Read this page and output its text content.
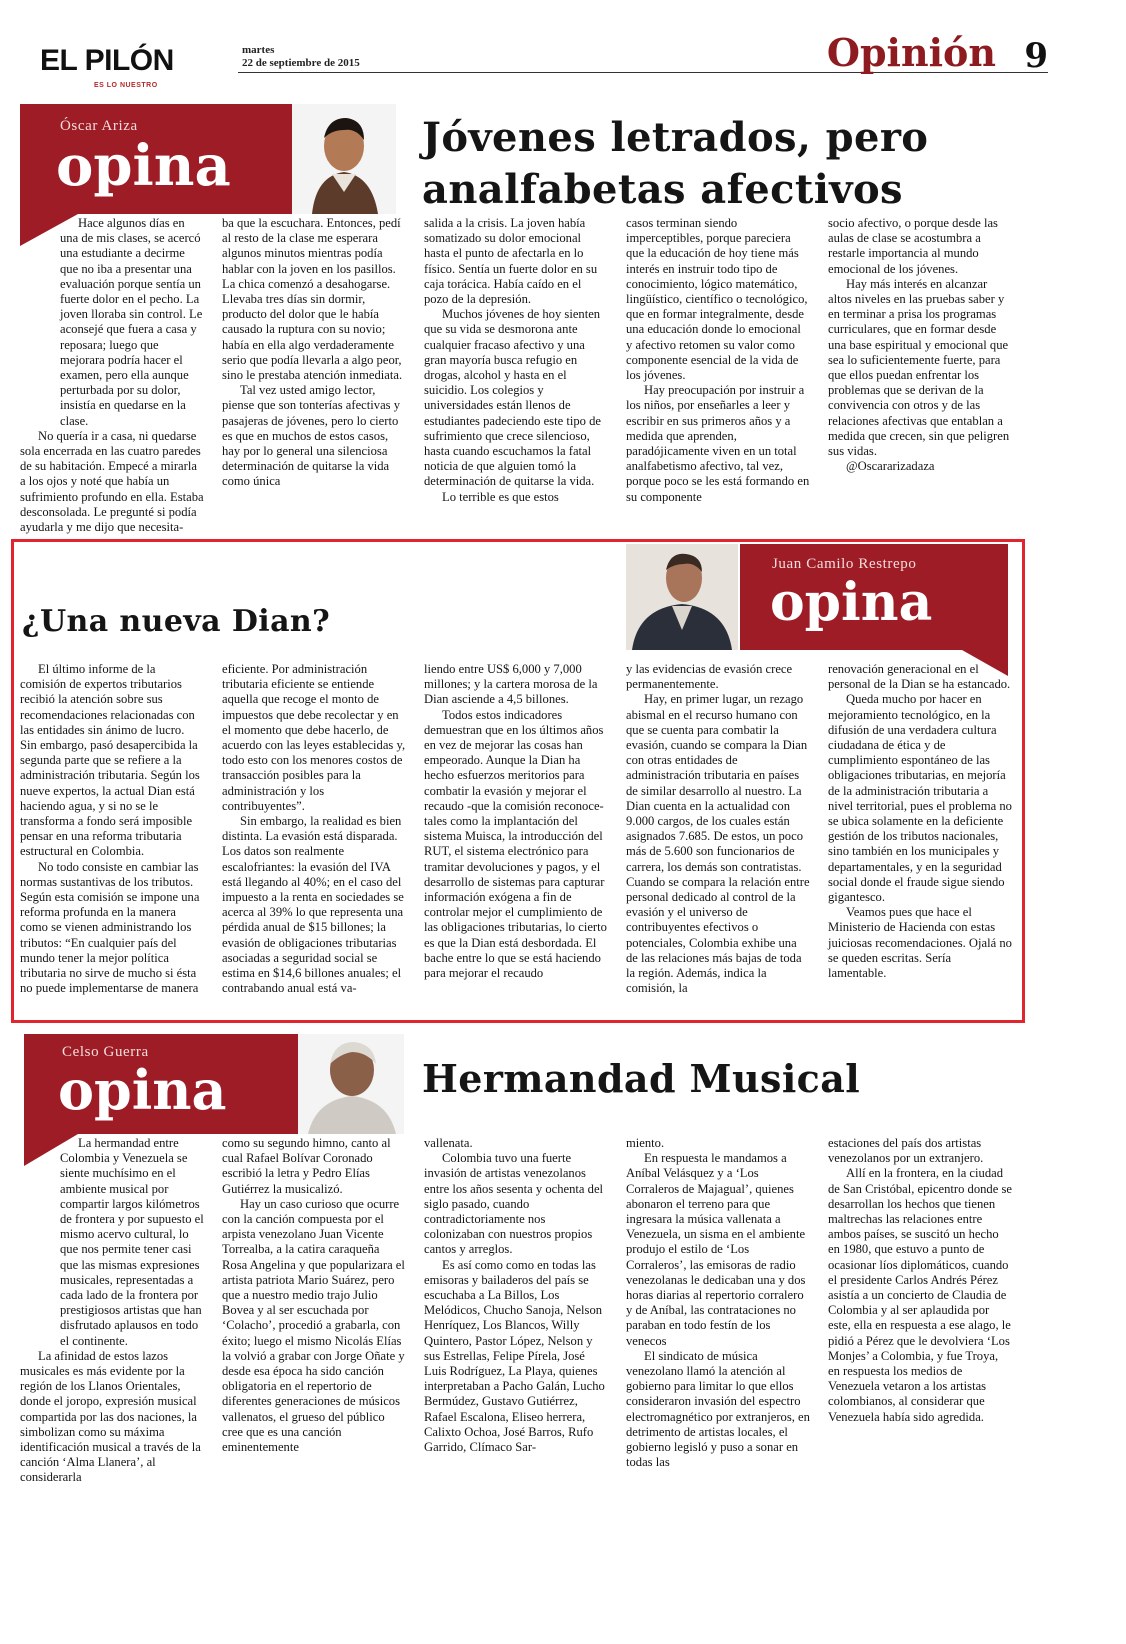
EL PILÓN
ES LO NUESTRO
martes
22 de septiembre de 2015	Opinión 9
Óscar Ariza
opina	Jóvenes letrados, pero
analfabetas afectivos

Hace algunos días en una de mis clases, se acercó una estudiante a decirme que no iba a presentar una evaluación porque sentía un fuerte dolor en el pecho. La joven lloraba sin control. Le aconsejé que fuera a casa y reposara; luego que mejorara podría hacer el examen, pero ella aunque perturbada por su dolor, insistía en quedarse en la clase.

No quería ir a casa, ni quedarse sola encerrada en las cuatro paredes de su habitación. Empecé a mirarla a los ojos y noté que había un sufrimiento profundo en ella. Estaba desconsolada. Le pregunté si podía ayudarla y me dijo que necesita-

ba que la escuchara. Entonces, pedí al resto de la clase me esperara algunos minutos mientras podía hablar con la joven en los pasillos. La chica comenzó a desahogarse. Llevaba tres días sin dormir, producto del dolor que le había causado la ruptura con su novio; había en ella algo verdaderamente serio que podía llevarla a algo peor, sino le prestaba atención inmediata.

Tal vez usted amigo lector, piense que son tonterías afectivas y pasajeras de jóvenes, pero lo cierto es que en muchos de estos casos, hay por lo general una silenciosa determinación de quitarse la vida como única

salida a la crisis. La joven había somatizado su dolor emocional hasta el punto de afectarla en lo físico. Sentía un fuerte dolor en su caja torácica. Había caído en el pozo de la depresión.

Muchos jóvenes de hoy sienten que su vida se desmorona ante cualquier fracaso afectivo y una gran mayoría busca refugio en drogas, alcohol y hasta en el suicidio. Los colegios y universidades están llenos de estudiantes padeciendo este tipo de sufrimiento que crece silencioso, hasta cuando escuchamos la fatal noticia de que alguien tomó la determinación de quitarse la vida.

Lo terrible es que estos

casos terminan siendo imperceptibles, porque pareciera que la educación de hoy tiene más interés en instruir todo tipo de conocimiento, lógico matemático, lingüístico, científico o tecnológico, que en formar integralmente, desde una educación donde lo emocional y afectivo retomen su valor como componente esencial de la vida de los jóvenes.

Hay preocupación por instruir a los niños, por enseñarles a leer y escribir en sus primeros años y a medida que aprenden, paradójicamente viven en un total analfabetismo afectivo, tal vez, porque poco se les está formando en su componente

socio afectivo, o porque desde las aulas de clase se acostumbra a restarle importancia al mundo emocional de los jóvenes.

Hay más interés en alcanzar altos niveles en las pruebas saber y en terminar a prisa los programas curriculares, que en formar desde una base espiritual y emocional que sea lo suficientemente fuerte, para que ellos puedan enfrentar los problemas que se derivan de la convivencia con otros y de las relaciones afectivas que entablan a medida que crecen, sin que peligren sus vidas.

@Oscararizadaza

¿Una nueva Dian?
Juan Camilo Restrepo
opina

El último informe de la comisión de expertos tributarios recibió la atención sobre sus recomendaciones relacionadas con las entidades sin ánimo de lucro. Sin embargo, pasó desapercibida la segunda parte que se refiere a la administración tributaria. Según los nueve expertos, la actual Dian está haciendo agua, y si no se le transforma a fondo será imposible pensar en una reforma tributaria estructural en Colombia.

No todo consiste en cambiar las normas sustantivas de los tributos. Según esta comisión se impone una reforma profunda en la manera como se vienen administrando los tributos: “En cualquier país del mundo tener la mejor política tributaria no sirve de mucho si ésta no puede implementarse de manera

eficiente. Por administración tributaria eficiente se entiende aquella que recoge el monto de impuestos que debe recolectar y en el momento que debe hacerlo, de acuerdo con las leyes establecidas y, todo esto con los menores costos de transacción posibles para la administración y los contribuyentes”.

Sin embargo, la realidad es bien distinta. La evasión está disparada. Los datos son realmente escalofriantes: la evasión del IVA está llegando al 40%; en el caso del impuesto a la renta en sociedades se acerca al 39% lo que representa una pérdida anual de $15 billones; la evasión de obligaciones tributarias asociadas a seguridad social se estima en $14,6 billones anuales; el contrabando anual está va-

liendo entre US$ 6,000 y 7,000 millones; y la cartera morosa de la Dian asciende a 4,5 billones.

Todos estos indicadores demuestran que en los últimos años en vez de mejorar las cosas han empeorado. Aunque la Dian ha hecho esfuerzos meritorios para combatir la evasión y mejorar el recaudo -que la comisión reconoce- tales como la implantación del sistema Muisca, la introducción del RUT, el sistema electrónico para tramitar devoluciones y pagos, y el desarrollo de sistemas para capturar información exógena a fin de controlar mejor el cumplimiento de las obligaciones tributarias, lo cierto es que la Dian está desbordada. El bache entre lo que se está haciendo para mejorar el recaudo

y las evidencias de evasión crece permanentemente.

Hay, en primer lugar, un rezago abismal en el recurso humano con que se cuenta para combatir la evasión, cuando se compara la Dian con otras entidades de administración tributaria en países de similar desarrollo al nuestro. La Dian cuenta en la actualidad con 9.000 cargos, de los cuales están asignados 7.685. De estos, un poco más de 5.600 son funcionarios de carrera, los demás son contratistas. Cuando se compara la relación entre personal dedicado al control de la evasión y el universo de contribuyentes efectivos o potenciales, Colombia exhibe una de las relaciones más bajas de toda la región. Además, indica la comisión, la

renovación generacional en el personal de la Dian se ha estancado.

Queda mucho por hacer en mejoramiento tecnológico, en la difusión de una verdadera cultura ciudadana de ética y de cumplimiento espontáneo de las obligaciones tributarias, en mejoría de la administración tributaria a nivel territorial, pues el problema no se ubica solamente en la deficiente gestión de los tributos nacionales, sino también en los municipales y departamentales, y en la seguridad social donde el fraude sigue siendo gigantesco.

Veamos pues que hace el Ministerio de Hacienda con estas juiciosas recomendaciones. Ojalá no se queden escritas. Sería lamentable.

Celso Guerra
opina	Hermandad Musical

La hermandad entre Colombia y Venezuela se siente muchísimo en el ambiente musical por compartir largos kilómetros de frontera y por supuesto el mismo acervo cultural, lo que nos permite tener casi que las mismas expresiones musicales, representadas a cada lado de la frontera por prestigiosos artistas que han disfrutado aplausos en todo el continente.

La afinidad de estos lazos musicales es más evidente por la región de los Llanos Orientales, donde el joropo, expresión musical compartida por las dos naciones, la simbolizan como su máxima identificación musical a través de la canción ‘Alma Llanera’, al considerarla

como su segundo himno, canto al cual Rafael Bolívar Coronado escribió la letra y Pedro Elías Gutiérrez la musicalizó.

Hay un caso curioso que ocurre con la canción compuesta por el arpista venezolano Juan Vicente Torrealba, a la catira caraqueña Rosa Angelina y que popularizara el artista patriota Mario Suárez, pero que a nuestro medio trajo Julio Bovea y al ser escuchada por ‘Colacho’, procedió a grabarla, con éxito; luego el mismo Nicolás Elías la volvió a grabar con Jorge Oñate y desde esa época ha sido canción obligatoria en el repertorio de diferentes generaciones de músicos vallenatos, el grueso del público cree que es una canción eminentemente

vallenata.

Colombia tuvo una fuerte invasión de artistas venezolanos entre los años sesenta y ochenta del siglo pasado, cuando contradictoriamente nos colonizaban con nuestros propios cantos y arreglos.

Es así como como en todas las emisoras y bailaderos del país se escuchaba a La Billos, Los Melódicos, Chucho Sanoja, Nelson Henríquez, Los Blancos, Willy Quintero, Pastor López, Nelson y sus Estrellas, Felipe Pírela, José Luis Rodríguez, La Playa, quienes interpretaban a Pacho Galán, Lucho Bermúdez, Gustavo Gutiérrez, Rafael Escalona, Eliseo herrera, Calixto Ochoa, José Barros, Rufo Garrido, Clímaco Sar-

miento.

En respuesta le mandamos a Aníbal Velásquez y a ‘Los Corraleros de Majagual’, quienes abonaron el terreno para que ingresara la música vallenata a Venezuela, un sisma en el ambiente produjo el estilo de ‘Los Corraleros’, las emisoras de radio venezolanas le dedicaban una y dos horas diarias al repertorio corralero y de Aníbal, las contrataciones no paraban en todo festín de los venecos

El sindicato de música venezolano llamó la atención al gobierno para limitar lo que ellos consideraron invasión del espectro electromagnético por extranjeros, en detrimento de artistas locales, el gobierno legisló y puso a sonar en todas las

estaciones del país dos artistas venezolanos por un extranjero.

Allí en la frontera, en la ciudad de San Cristóbal, epicentro donde se desarrollan los hechos que tienen maltrechas las relaciones entre ambos países, se suscitó un hecho en 1980, que estuvo a punto de ocasionar líos diplomáticos, cuando el presidente Carlos Andrés Pérez asistía a un concierto de Claudia de Colombia y al ser aplaudida por este, ella en respuesta a ese alago, le pidió a Pérez que le devolviera ‘Los Monjes’ a Colombia, y fue Troya, en respuesta los medios de Venezuela vetaron a los artistas colombianos, al considerar que Venezuela había sido agredida.
